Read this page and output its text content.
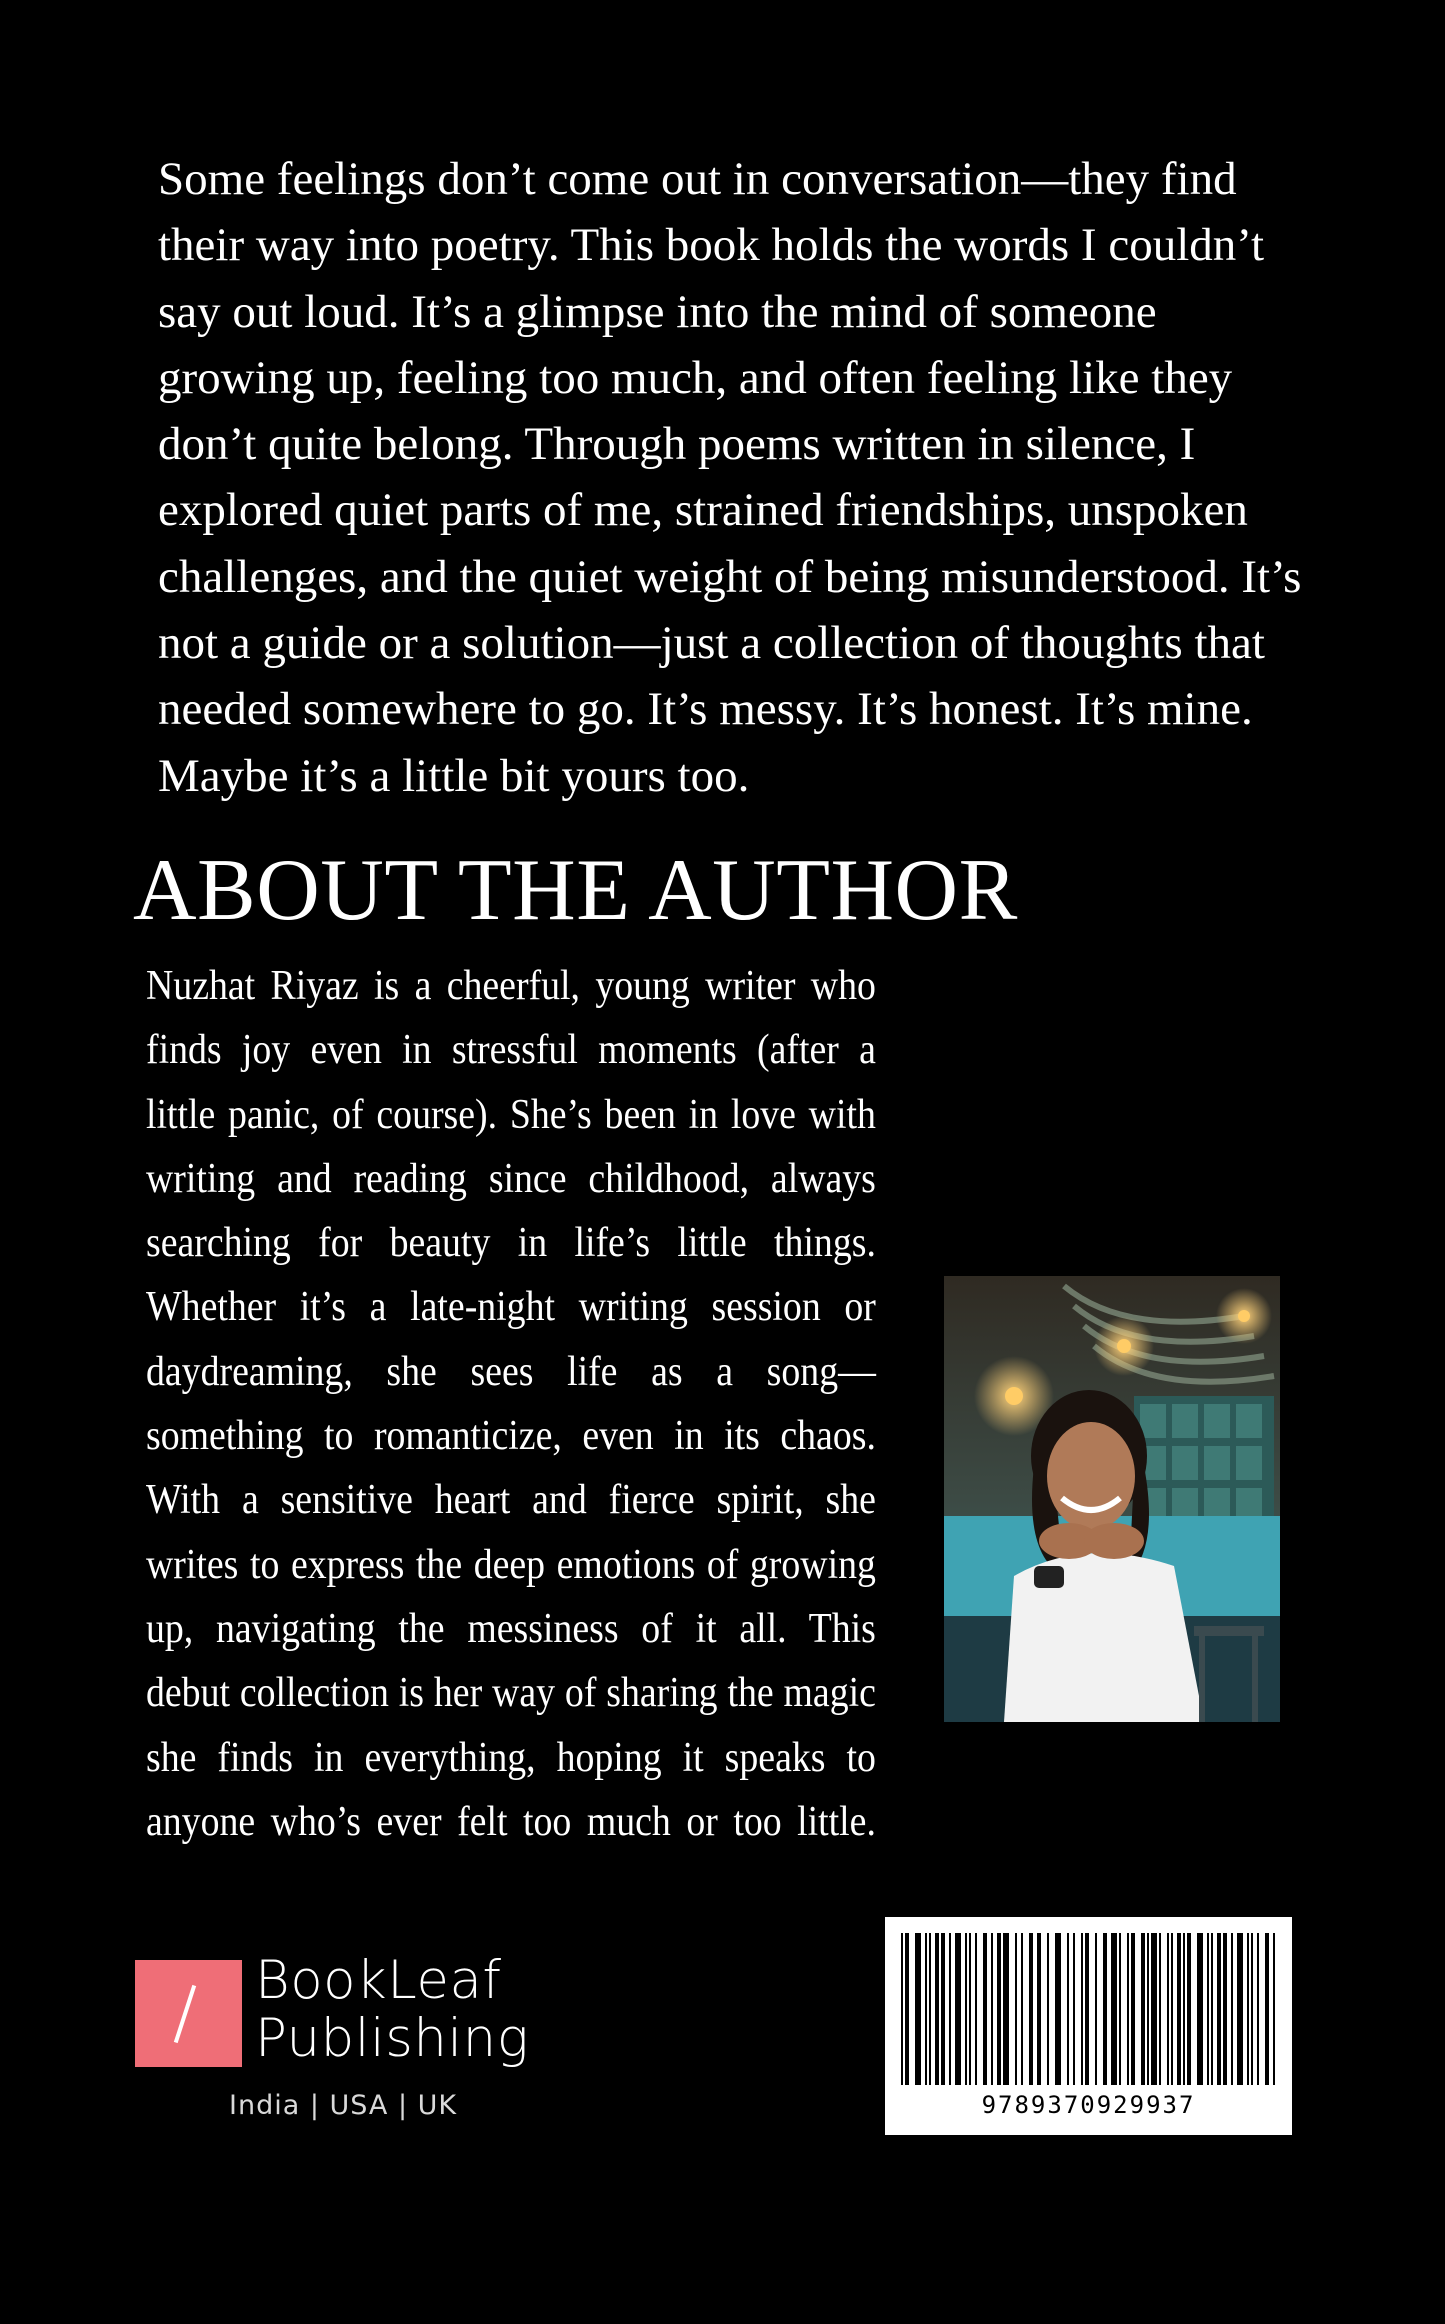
Some feelings don’t come out in conversation—they find their way into poetry. This book holds the words I couldn’t say out loud. It’s a glimpse into the mind of someone growing up, feeling too much, and often feeling like they don’t quite belong. Through poems written in silence, I explored quiet parts of me, strained friendships, unspoken challenges, and the quiet weight of being misunderstood. It’s not a guide or a solution—just a collection of thoughts that needed somewhere to go. It’s messy. It’s honest. It’s mine. Maybe it’s a little bit yours too.

ABOUT THE AUTHOR

Nuzhat Riyaz is a cheerful, young writer who finds joy even in stressful moments (after a little panic, of course). She’s been in love with writing and reading since childhood, always searching for beauty in life’s little things. Whether it’s a late-night writing session or daydreaming, she sees life as a song—something to romanticize, even in its chaos. With a sensitive heart and fierce spirit, she writes to express the deep emotions of growing up, navigating the messiness of it all. This debut collection is her way of sharing the magic she finds in everything, hoping it speaks to anyone who’s ever felt too much or too little.

BookLeaf
Publishing
India | USA | UK	9789370929937
